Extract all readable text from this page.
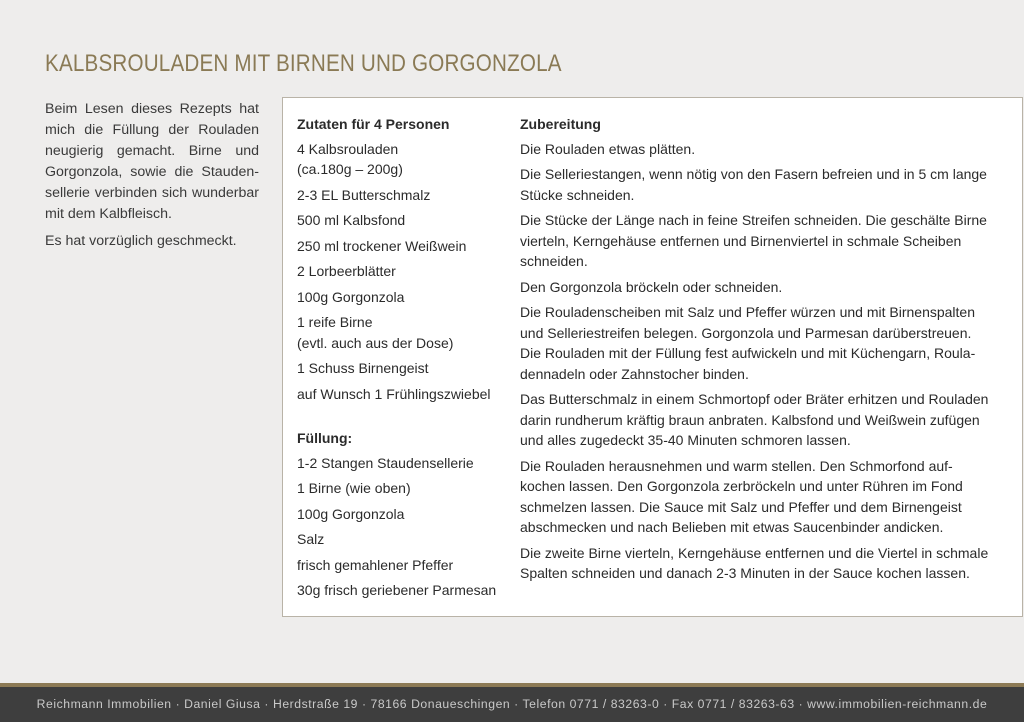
KALBSROULADEN MIT BIRNEN UND GORGONZOLA

Beim Lesen dieses Rezepts hat mich die Füllung der Rouladen neugierig gemacht. Birne und Gorgonzola, sowie die Staudensellerie verbinden sich wunderbar mit dem Kalbfleisch.

Es hat vorzüglich geschmeckt.

Zutaten für 4 Personen
4 Kalbsrouladen
(ca.180g – 200g)
2-3 EL Butterschmalz
500 ml Kalbsfond
250 ml trockener Weißwein
2 Lorbeerblätter
100g Gorgonzola
1 reife Birne
(evtl. auch aus der Dose)
1 Schuss Birnengeist
auf Wunsch 1 Frühlingszwiebel
Füllung:
1-2 Stangen Staudensellerie
1 Birne (wie oben)
100g Gorgonzola
Salz
frisch gemahlener Pfeffer
30g frisch geriebener Parmesan
Zubereitung

Die Rouladen etwas plätten.

Die Selleriestangen, wenn nötig von den Fasern befreien und in 5 cm lange Stücke schneiden.

Die Stücke der Länge nach in feine Streifen schneiden. Die geschälte Birne vierteln, Kerngehäuse entfernen und Birnenviertel in schmale Scheiben schneiden.

Den Gorgonzola bröckeln oder schneiden.

Die Rouladenscheiben mit Salz und Pfeffer würzen und mit Birnenspalten und Selleriestreifen belegen. Gorgonzola und Parmesan darüberstreuen. Die Rouladen mit der Füllung fest aufwickeln und mit Küchengarn, Rouladennadeln oder Zahnstocher binden.

Das Butterschmalz in einem Schmortopf oder Bräter erhitzen und Rouladen darin rundherum kräftig braun anbraten. Kalbsfond und Weißwein zufügen und alles zugedeckt 35-40 Minuten schmoren lassen.

Die Rouladen herausnehmen und warm stellen. Den Schmorfond aufkochen lassen. Den Gorgonzola zerbröckeln und unter Rühren im Fond schmelzen lassen. Die Sauce mit Salz und Pfeffer und dem Birnengeist abschmecken und nach Belieben mit etwas Saucenbinder andicken.

Die zweite Birne vierteln, Kerngehäuse entfernen und die Viertel in schmale Spalten schneiden und danach 2-3 Minuten in der Sauce kochen lassen.

Reichmann Immobilien · Daniel Giusa · Herdstraße 19 · 78166 Donaueschingen · Telefon 0771 / 83263-0 · Fax 0771 / 83263-63 · www.immobilien-reichmann.de
